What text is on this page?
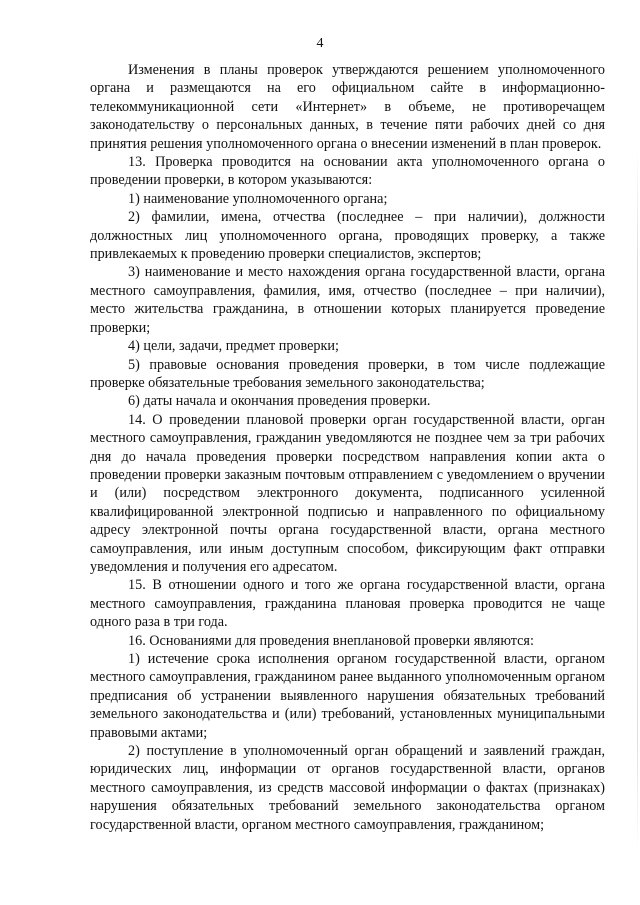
4

Изменения в планы проверок утверждаются решением уполномоченного органа и размещаются на его официальном сайте в информационно-телекоммуникационной сети «Интернет» в объеме, не противоречащем законодательству о персональных данных, в течение пяти рабочих дней со дня принятия решения уполномоченного органа о внесении изменений в план проверок.

13. Проверка проводится на основании акта уполномоченного органа о проведении проверки, в котором указываются:

1) наименование уполномоченного органа;

2) фамилии, имена, отчества (последнее – при наличии), должности должностных лиц уполномоченного органа, проводящих проверку, а также привлекаемых к проведению проверки специалистов, экспертов;

3) наименование и место нахождения органа государственной власти, органа местного самоуправления, фамилия, имя, отчество (последнее – при наличии), место жительства гражданина, в отношении которых планируется проведение проверки;

4) цели, задачи, предмет проверки;

5) правовые основания проведения проверки, в том числе подлежащие проверке обязательные требования земельного законодательства;

6) даты начала и окончания проведения проверки.

14. О проведении плановой проверки орган государственной власти, орган местного самоуправления, гражданин уведомляются не позднее чем за три рабочих дня до начала проведения проверки посредством направления копии акта о проведении проверки заказным почтовым отправлением с уведомлением о вручении и (или) посредством электронного документа, подписанного усиленной квалифицированной электронной подписью и направленного по официальному адресу электронной почты органа государственной власти, органа местного самоуправления, или иным доступным способом, фиксирующим факт отправки уведомления и получения его адресатом.

15. В отношении одного и того же органа государственной власти, органа местного самоуправления, гражданина плановая проверка проводится не чаще одного раза в три года.

16. Основаниями для проведения внеплановой проверки являются:

1) истечение срока исполнения органом государственной власти, органом местного самоуправления, гражданином ранее выданного уполномоченным органом предписания об устранении выявленного нарушения обязательных требований земельного законодательства и (или) требований, установленных муниципальными правовыми актами;

2) поступление в уполномоченный орган обращений и заявлений граждан, юридических лиц, информации от органов государственной власти, органов местного самоуправления, из средств массовой информации о фактах (признаках) нарушения обязательных требований земельного законодательства органом государственной власти, органом местного самоуправления, гражданином;
